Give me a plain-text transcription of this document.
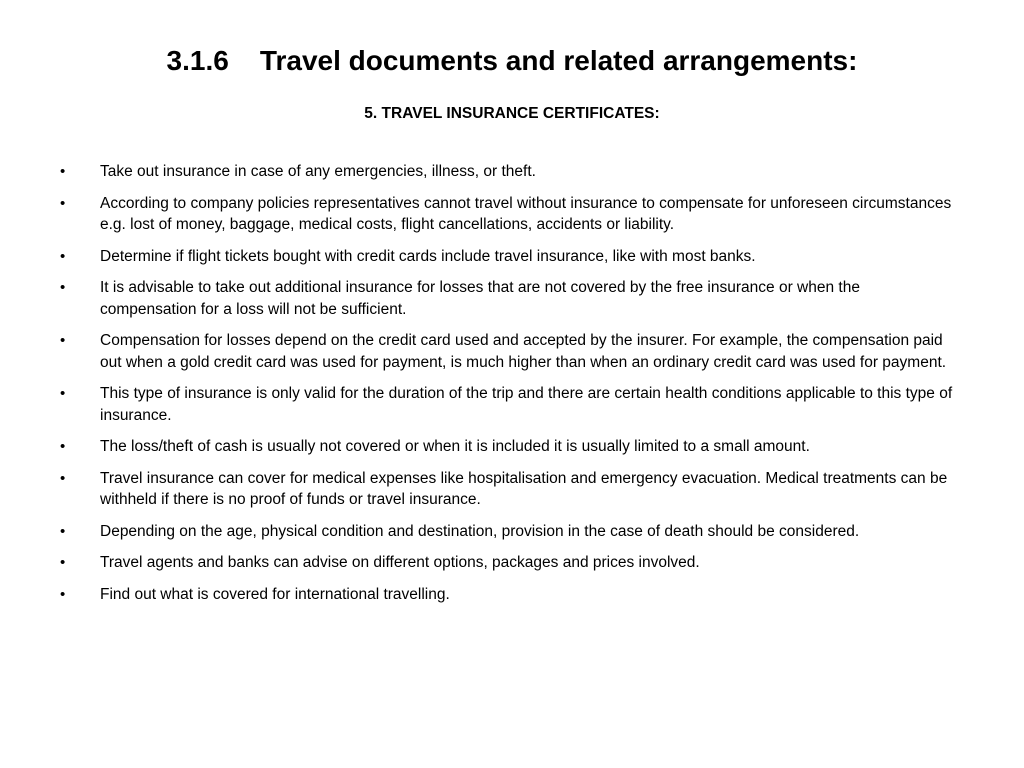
3.1.6    Travel documents and related arrangements:
5. TRAVEL INSURANCE CERTIFICATES:
•	Take out insurance in case of any emergencies, illness, or theft.
•	According to company policies representatives cannot travel without insurance to compensate for unforeseen circumstances e.g. lost of money, baggage, medical costs, flight cancellations, accidents or liability.
•	Determine if flight tickets bought with credit cards include travel insurance, like with most banks.
•	It is advisable to take out additional insurance for losses that are not covered by the free insurance or when the compensation for a loss will not be sufficient.
•	Compensation for losses depend on the credit card used and accepted by the insurer. For example, the compensation paid out when a gold credit card was used for payment, is much higher than when an ordinary credit card was used for payment.
•	This type of insurance is only valid for the duration of the trip and there are certain health conditions applicable to this type of insurance.
•	The loss/theft of cash is usually not covered or when it is included it is usually limited to a small amount.
•	Travel insurance can cover for medical expenses like hospitalisation and emergency evacuation. Medical treatments can be withheld if there is no proof of funds or travel insurance.
•	Depending on the age, physical condition and destination, provision in the case of death should be considered.
•	Travel agents and banks can advise on different options, packages and prices involved.
•	Find out what is covered for international travelling.
